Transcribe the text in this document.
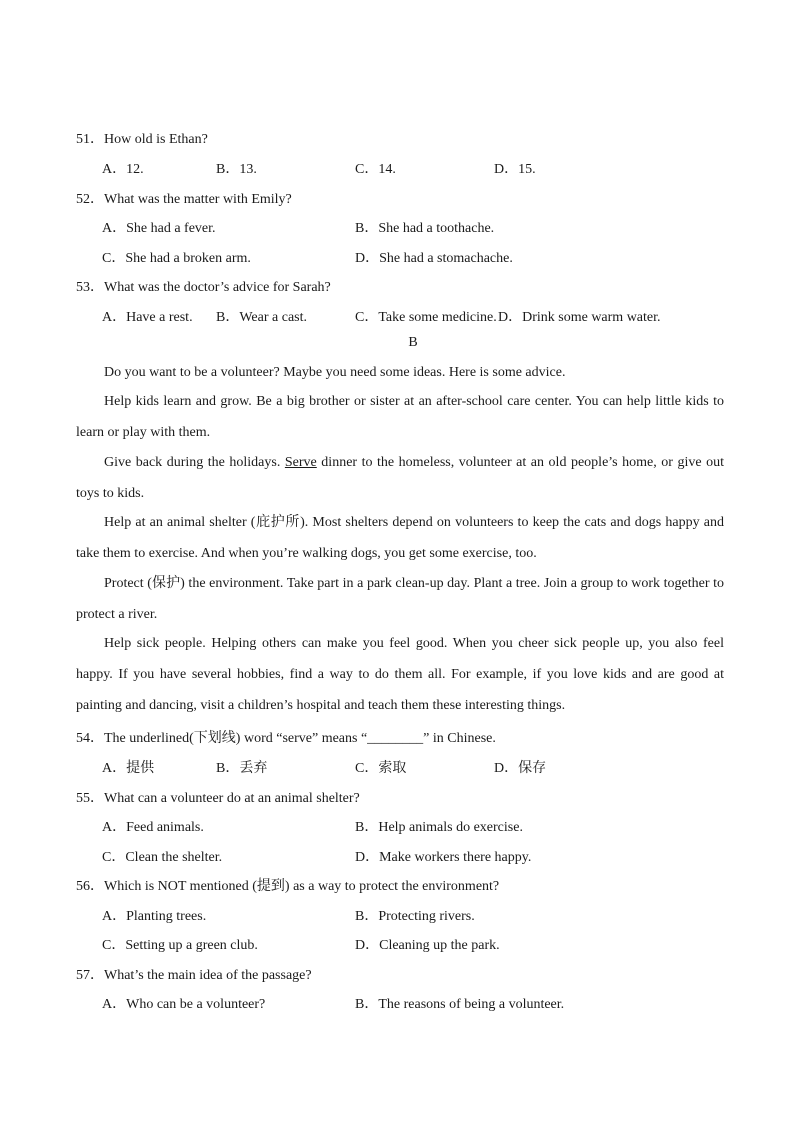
51．How old is Ethan?
A．12.	B．13.	C．14.	D．15.
52．What was the matter with Emily?
A．She had a fever.	B．She had a toothache.
C．She had a broken arm.	D．She had a stomachache.
53．What was the doctor’s advice for Sarah?
A．Have a rest. B．Wear a cast.	C．Take some medicine. D．Drink some warm water.
B
Do you want to be a volunteer? Maybe you need some ideas. Here is some advice.
Help kids learn and grow. Be a big brother or sister at an after-school care center. You can help little kids to learn or play with them.
Give back during the holidays. Serve dinner to the homeless, volunteer at an old people’s home, or give out toys to kids.
Help at an animal shelter (庇护所). Most shelters depend on volunteers to keep the cats and dogs happy and take them to exercise. And when you’re walking dogs, you get some exercise, too.
Protect (保护) the environment. Take part in a park clean-up day. Plant a tree. Join a group to work together to protect a river.
Help sick people. Helping others can make you feel good. When you cheer sick people up, you also feel happy. If you have several hobbies, find a way to do them all. For example, if you love kids and are good at painting and dancing, visit a children’s hospital and teach them these interesting things.
54．The underlined(下划线) word “serve” means “________” in Chinese.
A．提供	B．丢弃	C．索取	D．保存
55．What can a volunteer do at an animal shelter?
A．Feed animals.	B．Help animals do exercise.
C．Clean the shelter.	D．Make workers there happy.
56．Which is NOT mentioned (提到) as a way to protect the environment?
A．Planting trees.	B．Protecting rivers.
C．Setting up a green club.	D．Cleaning up the park.
57．What’s the main idea of the passage?
A．Who can be a volunteer?	B．The reasons of being a volunteer.
